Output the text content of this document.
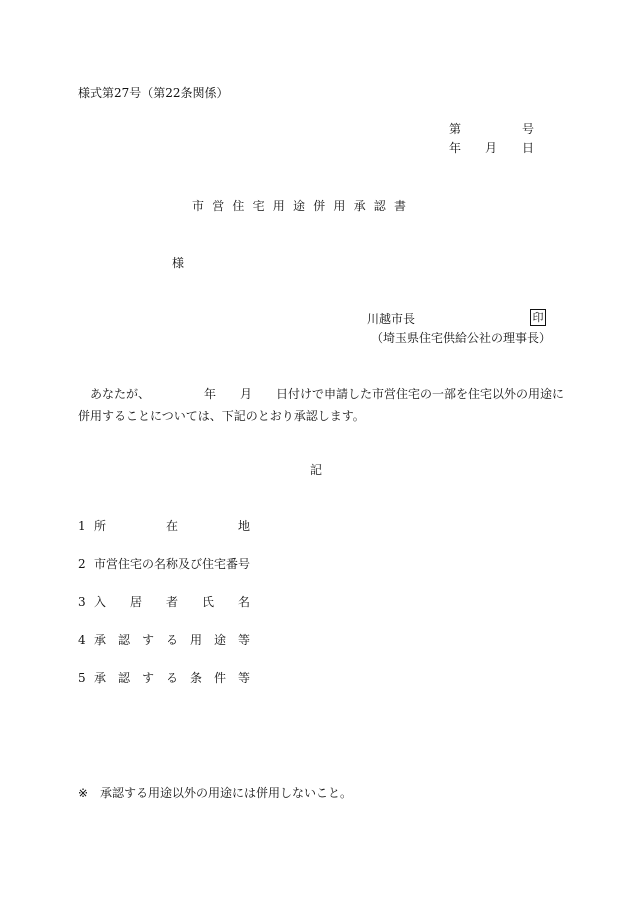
様式第27号（第22条関係）
第	号
年 月 日
市営住宅用途併用承認書
様
川越市長	印
（埼玉県住宅供給公社の理事長）
　あなたが、　　　　　年　　月　　日付けで申請した市営住宅の一部を住宅以外の用途に
併用することについては、下記のとおり承認します。
記
1 所　　　　　在　　　　　地
2 市営住宅の名称及び住宅番号
3 入　　居　　者　　氏　　名
4 承　認　す　る　用　途　等
5 承　認　す　る　条　件　等
※ 承認する用途以外の用途には併用しないこと。
